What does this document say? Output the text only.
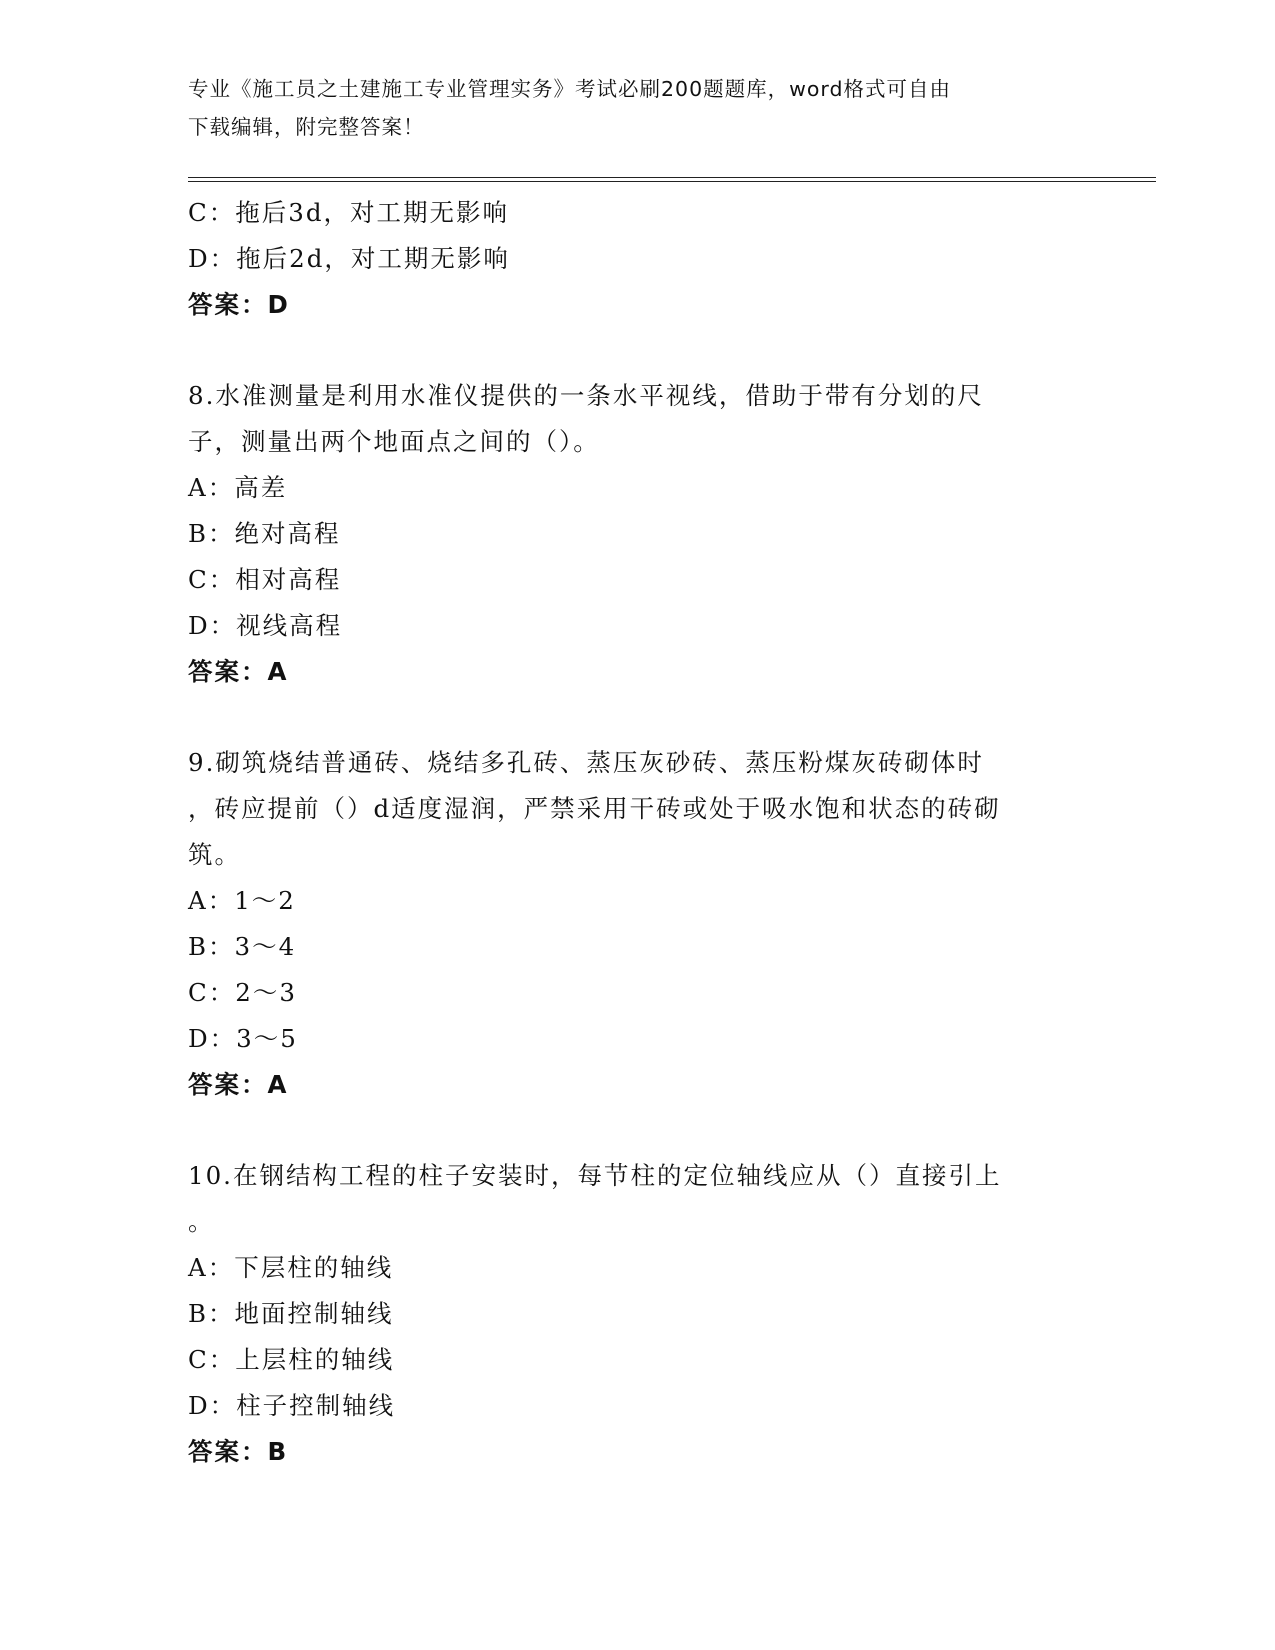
专业《施工员之土建施工专业管理实务》考试必刷200题题库，word格式可自由
下载编辑，附完整答案！
C：拖后3d，对工期无影响
D：拖后2d，对工期无影响
答案：D
8.水准测量是利用水准仪提供的一条水平视线，借助于带有分划的尺
子，测量出两个地面点之间的（）。
A：高差
B：绝对高程
C：相对高程
D：视线高程
答案：A
9.砌筑烧结普通砖、烧结多孔砖、蒸压灰砂砖、蒸压粉煤灰砖砌体时
，砖应提前（）d适度湿润，严禁采用干砖或处于吸水饱和状态的砖砌
筑。
A：1～2
B：3～4
C：2～3
D：3～5
答案：A
10.在钢结构工程的柱子安装时，每节柱的定位轴线应从（）直接引上
。
A：下层柱的轴线
B：地面控制轴线
C：上层柱的轴线
D：柱子控制轴线
答案：B
